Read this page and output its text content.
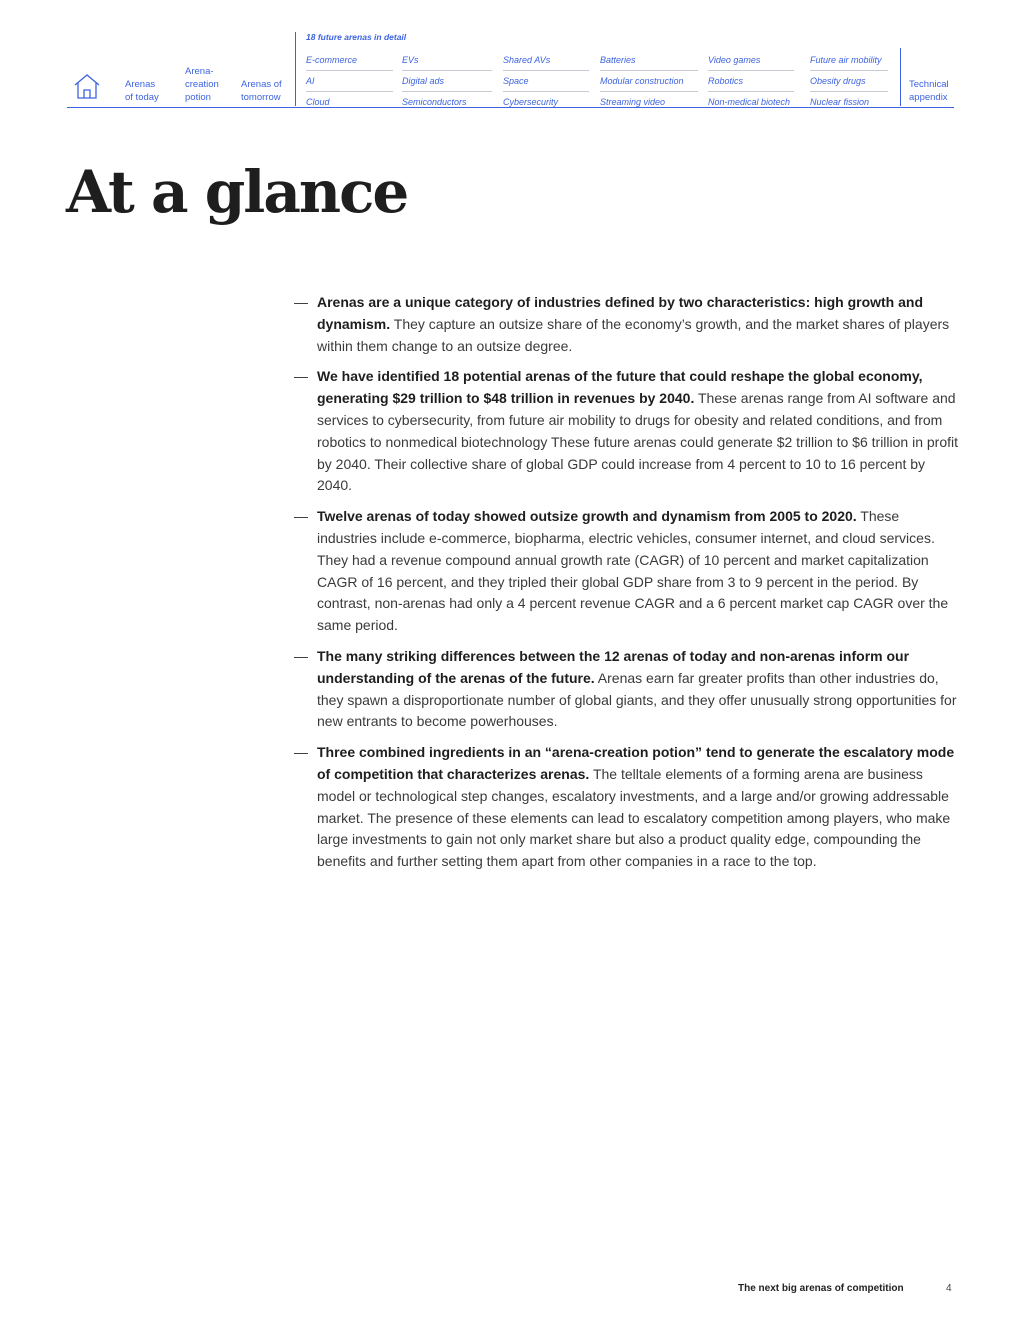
Arenas
of today
Arena-
creation
potion
Arenas of
tomorrow
18 future arenas in detail
E-commerce
AI
Cloud
EVs
Digital ads
Semiconductors
Shared AVs
Space
Cybersecurity
Batteries
Modular construction
Streaming video
Video games
Robotics
Non-medical biotech
Future air mobility
Obesity drugs
Nuclear fission
Technical
appendix
At a glance
— Arenas are a unique category of industries defined by two characteristics: high growth and dynamism. They capture an outsize share of the economy’s growth, and the market shares of players within them change to an outsize degree.
— We have identified 18 potential arenas of the future that could reshape the global economy, generating $29 trillion to $48 trillion in revenues by 2040. These arenas range from AI software and services to cybersecurity, from future air mobility to drugs for obesity and related conditions, and from robotics to nonmedical biotechnology These future arenas could generate $2 trillion to $6 trillion in profit by 2040. Their collective share of global GDP could increase from 4 percent to 10 to 16 percent by 2040.
— Twelve arenas of today showed outsize growth and dynamism from 2005 to 2020. These industries include e-commerce, biopharma, electric vehicles, consumer internet, and cloud services. They had a revenue compound annual growth rate (CAGR) of 10 percent and market capitalization CAGR of 16 percent, and they tripled their global GDP share from 3 to 9 percent in the period. By contrast, non-arenas had only a 4 percent revenue CAGR and a 6 percent market cap CAGR over the same period.
— The many striking differences between the 12 arenas of today and non-arenas inform our understanding of the arenas of the future. Arenas earn far greater profits than other industries do, they spawn a disproportionate number of global giants, and they offer unusually strong opportunities for new entrants to become powerhouses.
— Three combined ingredients in an “arena-creation potion” tend to generate the escalatory mode of competition that characterizes arenas. The telltale elements of a forming arena are business model or technological step changes, escalatory investments, and a large and/or growing addressable market. The presence of these elements can lead to escalatory competition among players, who make large investments to gain not only market share but also a product quality edge, compounding the benefits and further setting them apart from other companies in a race to the top.
The next big arenas of competition	4
